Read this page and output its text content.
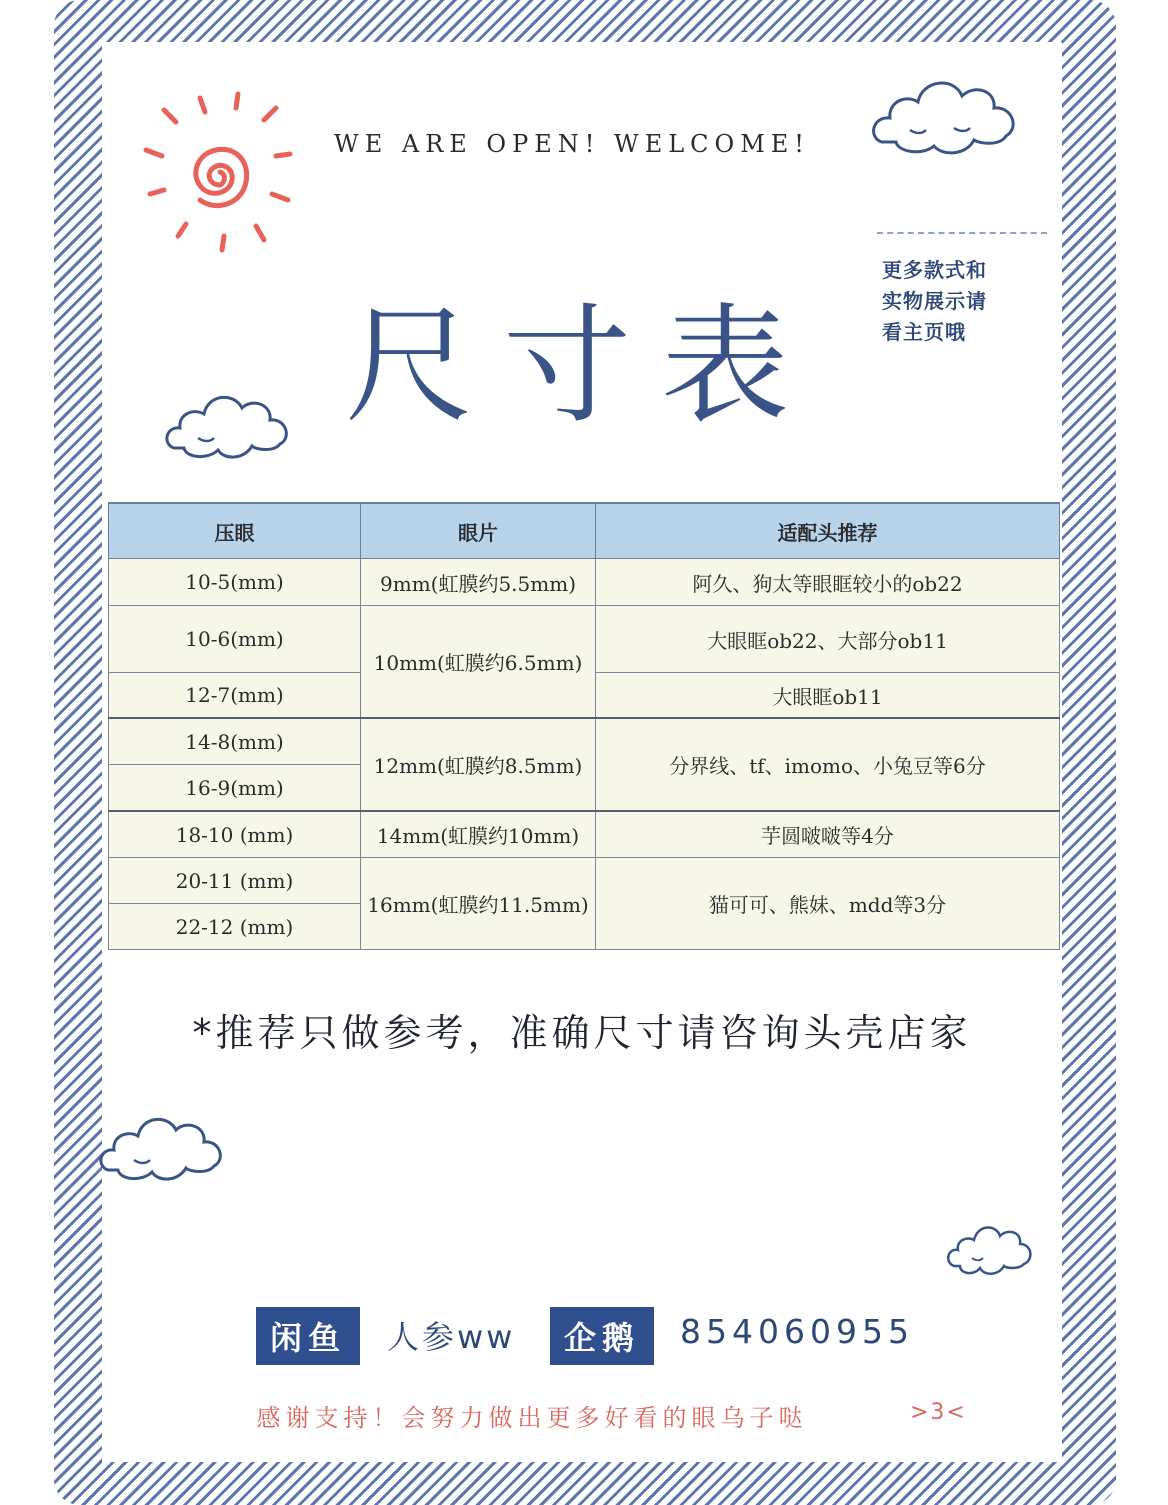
WE ARE OPEN! WELCOME!
更多款式和
实物展示请
看主页哦
尺寸表
压眼	眼片	适配头推荐
10-5(mm)	9mm(虹膜约5.5mm)	阿久、狗太等眼眶较小的ob22
10-6(mm)	10mm(虹膜约6.5mm)	大眼眶ob22、大部分ob11
12-7(mm)		大眼眶ob11
14-8(mm)	12mm(虹膜约8.5mm)	分界线、tf、imomo、小兔豆等6分
16-9(mm)		
18-10 (mm)	14mm(虹膜约10mm)	芋圆啵啵等4分
20-11 (mm)	16mm(虹膜约11.5mm)	猫可可、熊妹、mdd等3分
22-12 (mm)		
*推荐只做参考，准确尺寸请咨询头壳店家
闲鱼	人参ww	企鹅	854060955
感谢支持！会努力做出更多好看的眼乌子哒	>3<
